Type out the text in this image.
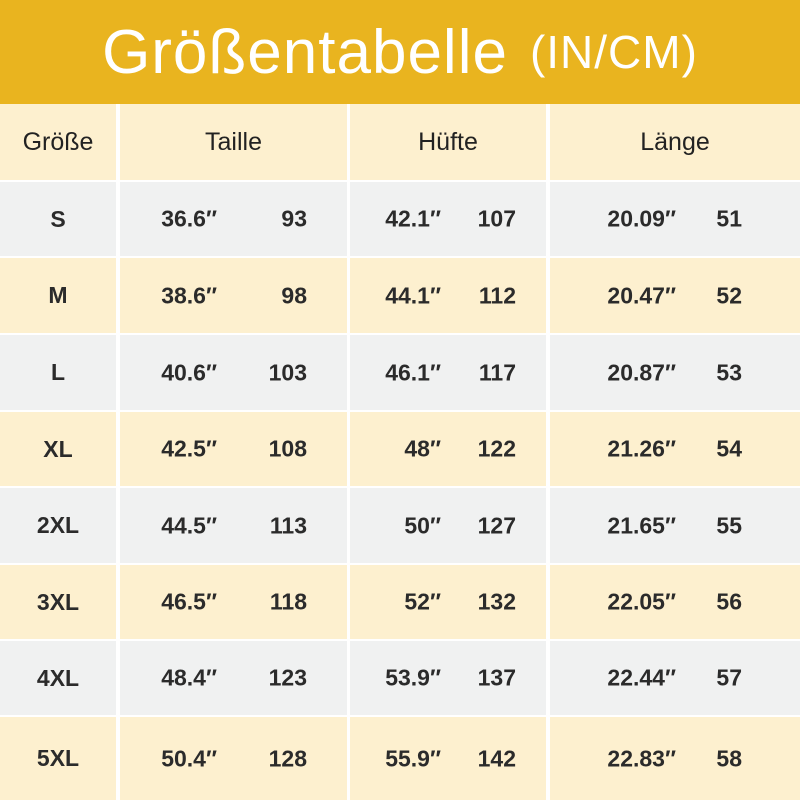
Größentabelle (IN/CM)
Größe	Taille	Hüfte	Länge
S	36.6″	93	42.1″ 107	20.09″ 51
M	38.6″	98	44.1″ 112	20.47″ 52
L	40.6″ 103	46.1″ 117	20.87″ 53
XL	42.5″ 108	48″ 122	21.26″ 54
2XL	44.5″ 113	50″ 127	21.65″ 55
3XL	46.5″ 118	52″ 132	22.05″ 56
4XL	48.4″ 123	53.9″ 137	22.44″ 57
5XL	50.4″ 128	55.9″ 142	22.83″ 58
